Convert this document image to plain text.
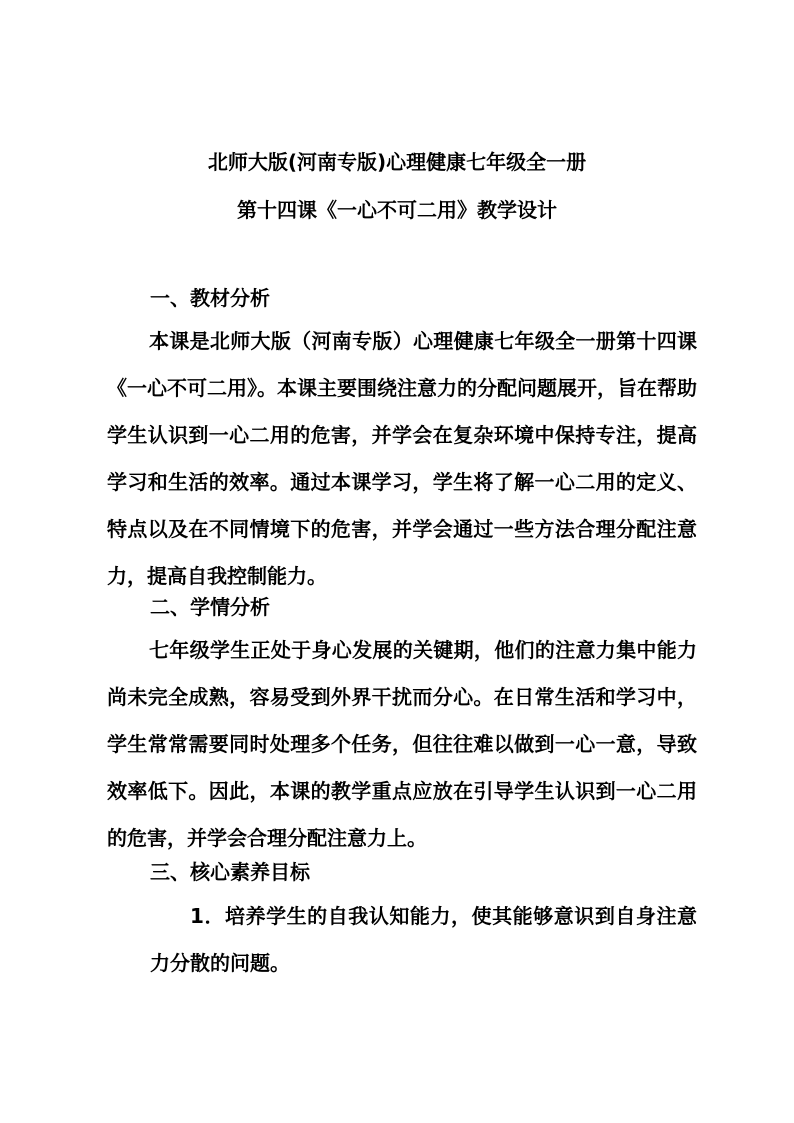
北师大版(河南专版)心理健康七年级全一册
第十四课《一心不可二用》教学设计
一、教材分析
本课是北师大版（河南专版）心理健康七年级全一册第十四课《一心不可二用》。本课主要围绕注意力的分配问题展开，旨在帮助学生认识到一心二用的危害，并学会在复杂环境中保持专注，提高学习和生活的效率。通过本课学习，学生将了解一心二用的定义、特点以及在不同情境下的危害，并学会通过一些方法合理分配注意力，提高自我控制能力。
二、学情分析
七年级学生正处于身心发展的关键期，他们的注意力集中能力尚未完全成熟，容易受到外界干扰而分心。在日常生活和学习中，学生常常需要同时处理多个任务，但往往难以做到一心一意，导致效率低下。因此，本课的教学重点应放在引导学生认识到一心二用的危害，并学会合理分配注意力上。
三、核心素养目标
1．培养学生的自我认知能力，使其能够意识到自身注意力分散的问题。
